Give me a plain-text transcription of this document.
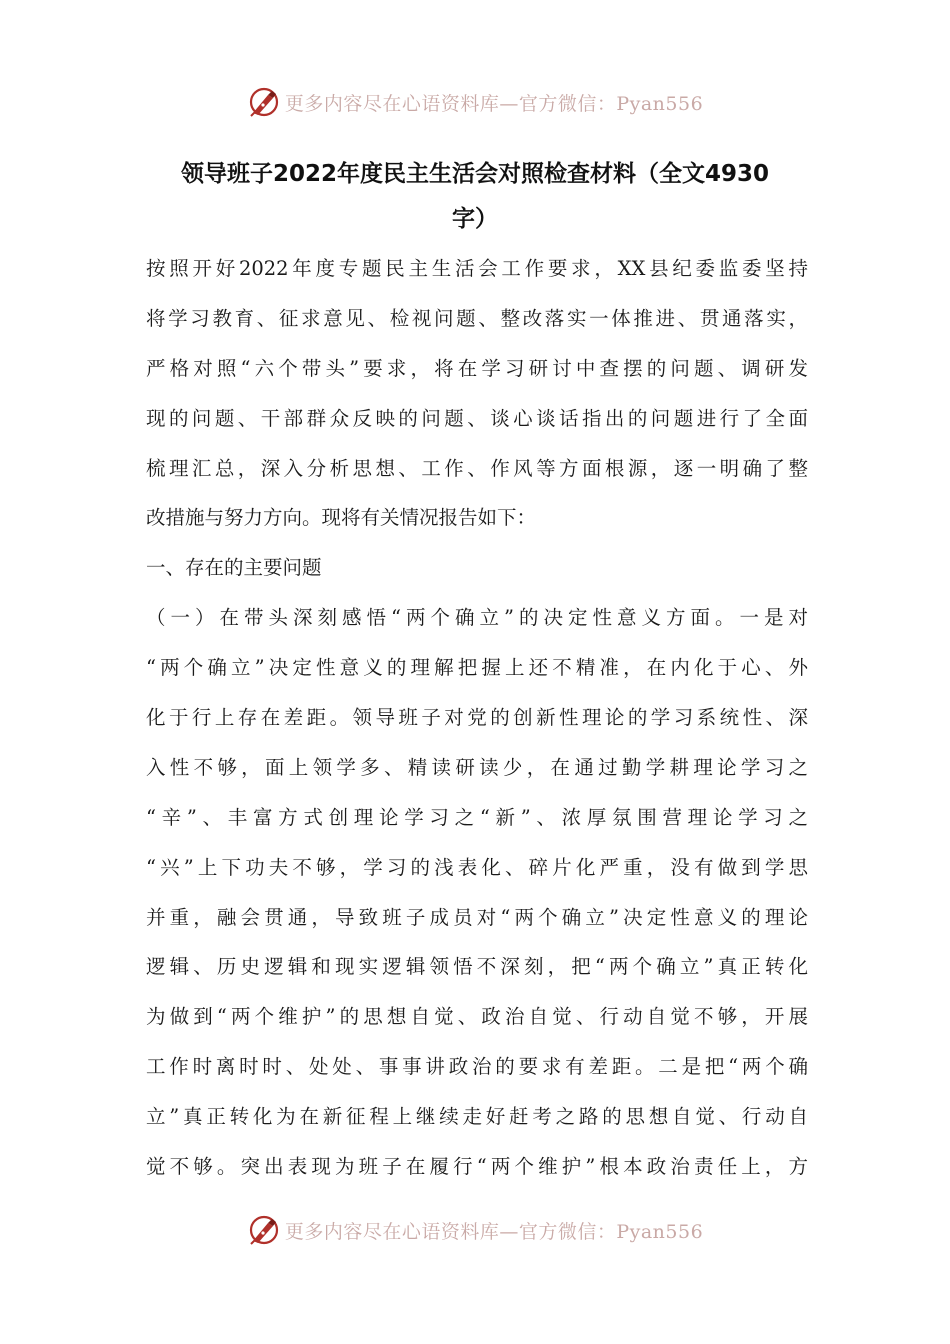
更多内容尽在心语资料库—官方微信：Pyan556
领导班子2022年度民主生活会对照检查材料（全文4930
字）
按照开好2022年度专题民主生活会工作要求，XX县纪委监委坚持
将学习教育、征求意见、检视问题、整改落实一体推进、贯通落实，
严格对照“六个带头”要求，将在学习研讨中查摆的问题、调研发
现的问题、干部群众反映的问题、谈心谈话指出的问题进行了全面
梳理汇总，深入分析思想、工作、作风等方面根源，逐一明确了整
改措施与努力方向。现将有关情况报告如下：
一、存在的主要问题
（一）在带头深刻感悟“两个确立”的决定性意义方面。一是对
“两个确立”决定性意义的理解把握上还不精准，在内化于心、外
化于行上存在差距。领导班子对党的创新性理论的学习系统性、深
入性不够，面上领学多、精读研读少，在通过勤学耕理论学习之
“辛”、丰富方式创理论学习之“新”、浓厚氛围营理论学习之
“兴”上下功夫不够，学习的浅表化、碎片化严重，没有做到学思
并重，融会贯通，导致班子成员对“两个确立”决定性意义的理论
逻辑、历史逻辑和现实逻辑领悟不深刻，把“两个确立”真正转化
为做到“两个维护”的思想自觉、政治自觉、行动自觉不够，开展
工作时离时时、处处、事事讲政治的要求有差距。二是把“两个确
立”真正转化为在新征程上继续走好赶考之路的思想自觉、行动自
觉不够。突出表现为班子在履行“两个维护”根本政治责任上，方
更多内容尽在心语资料库—官方微信：Pyan556
